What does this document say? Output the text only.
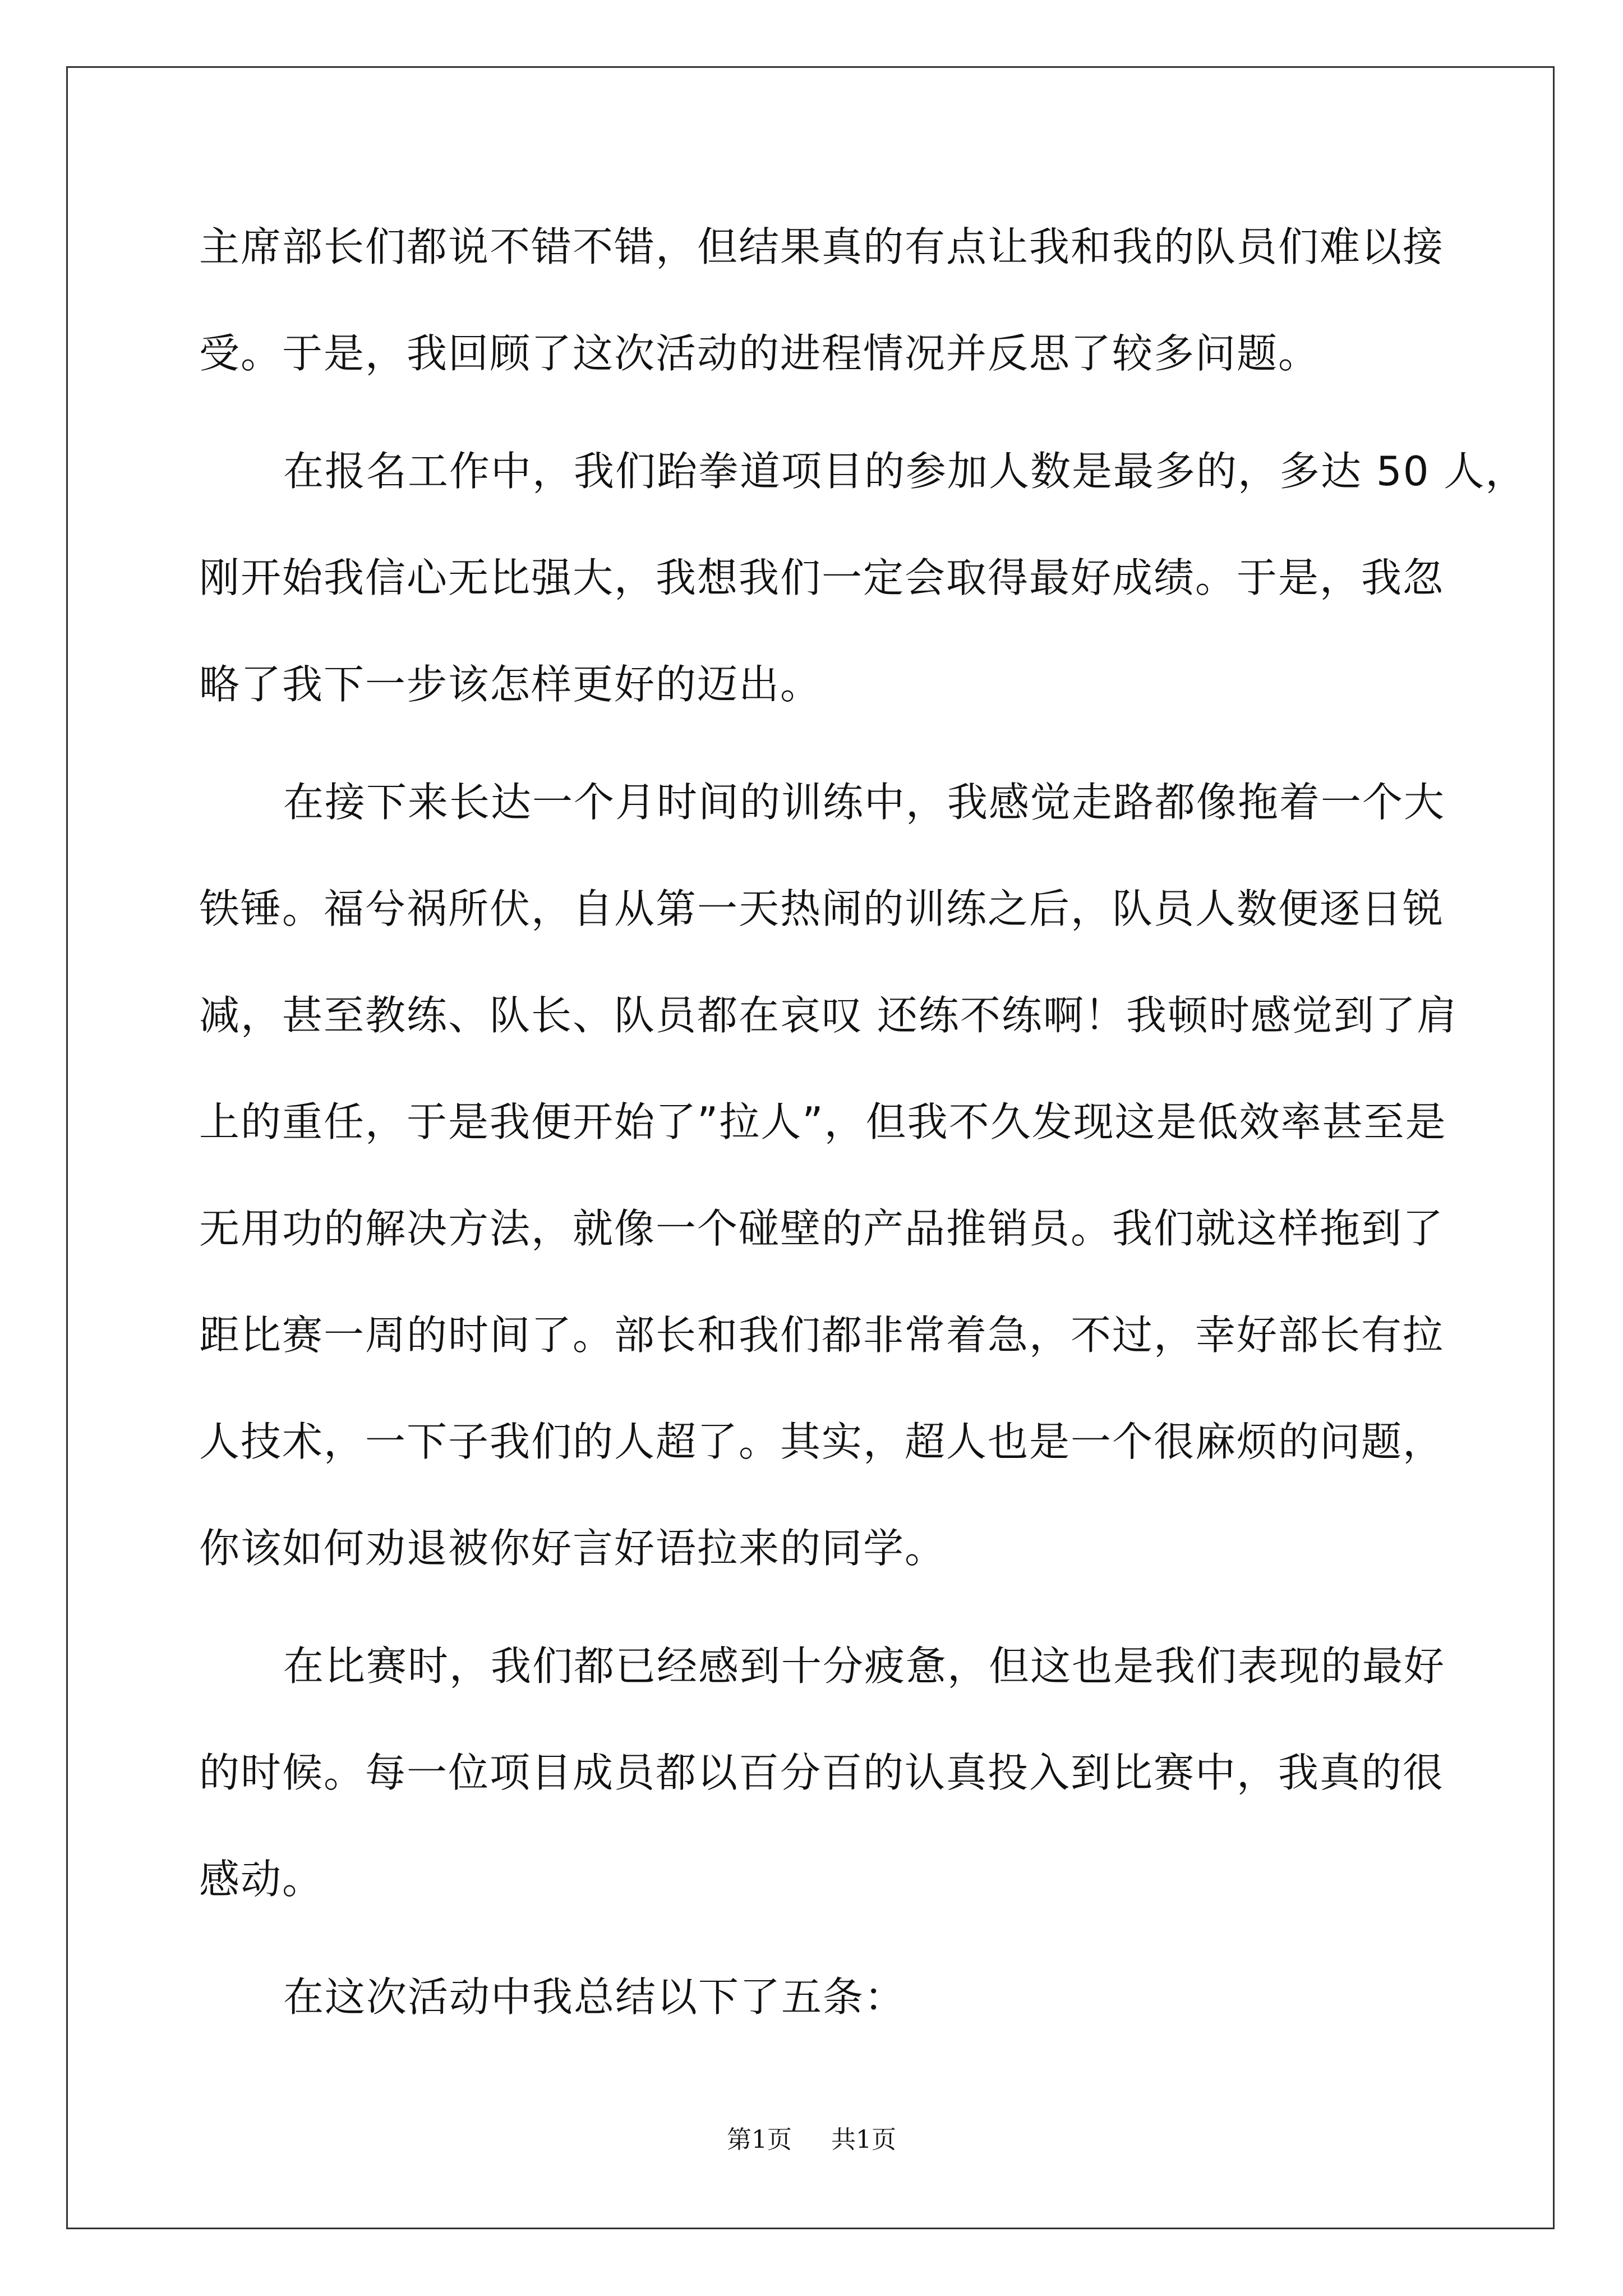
主席部长们都说不错不错，但结果真的有点让我和我的队员们难以接
受。于是，我回顾了这次活动的进程情况并反思了较多问题。
在报名工作中，我们跆拳道项目的参加人数是最多的，多达 50 人，
刚开始我信心无比强大，我想我们一定会取得最好成绩。于是，我忽
略了我下一步该怎样更好的迈出。
在接下来长达一个月时间的训练中，我感觉走路都像拖着一个大
铁锤。福兮祸所伏，自从第一天热闹的训练之后，队员人数便逐日锐
减，甚至教练、队长、队员都在哀叹 还练不练啊！我顿时感觉到了肩
上的重任，于是我便开始了”拉人”，但我不久发现这是低效率甚至是
无用功的解决方法，就像一个碰壁的产品推销员。我们就这样拖到了
距比赛一周的时间了。部长和我们都非常着急，不过，幸好部长有拉
人技术，一下子我们的人超了。其实，超人也是一个很麻烦的问题，
你该如何劝退被你好言好语拉来的同学。
在比赛时，我们都已经感到十分疲惫，但这也是我们表现的最好
的时候。每一位项目成员都以百分百的认真投入到比赛中，我真的很
感动。
在这次活动中我总结以下了五条：
第1页 共1页
